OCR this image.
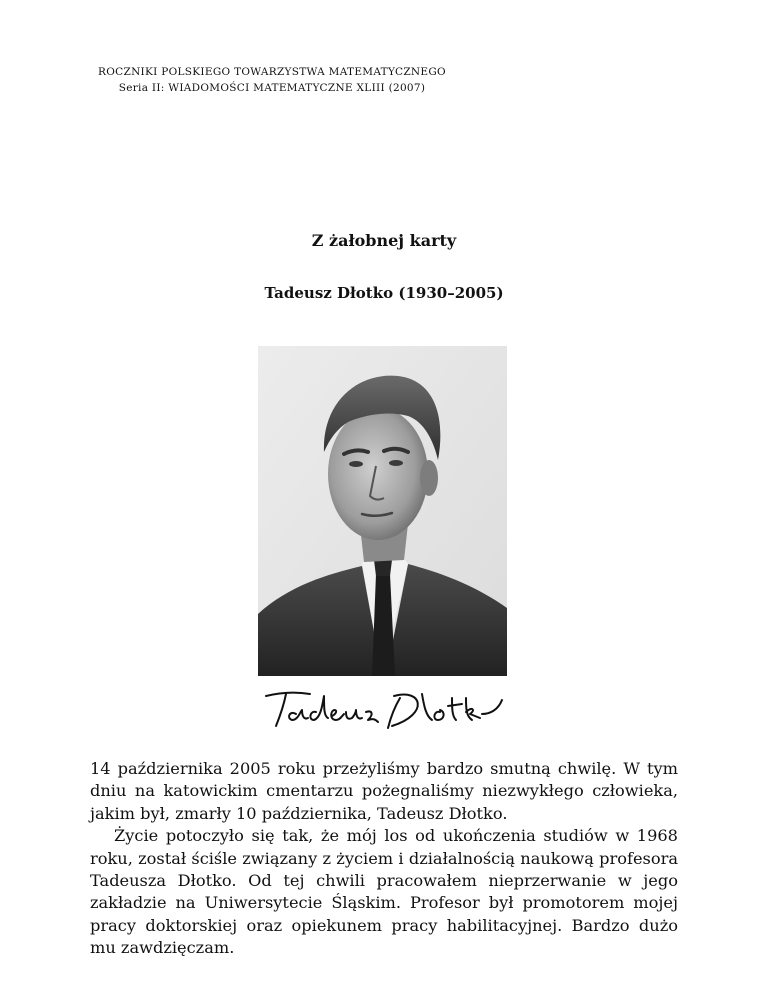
ROCZNIKI POLSKIEGO TOWARZYSTWA MATEMATYCZNEGO
Seria II: WIADOMOŚCI MATEMATYCZNE XLIII (2007)
Z żałobnej karty
Tadeusz Dłotko (1930–2005)

14 października 2005 roku przeżyliśmy bardzo smutną chwilę. W tym dniu na katowickim cmentarzu pożegnaliśmy niezwykłego człowieka, jakim był, zmarły 10 października, Tadeusz Dłotko.

Życie potoczyło się tak, że mój los od ukończenia studiów w 1968 roku, został ściśle związany z życiem i działalnością naukową profesora Tadeusza Dłotko. Od tej chwili pracowałem nieprzerwanie w jego zakładzie na Uniwersytecie Śląskim. Profesor był promotorem mojej pracy doktorskiej oraz opiekunem pracy habilitacyjnej. Bardzo dużo mu zawdzięczam.
